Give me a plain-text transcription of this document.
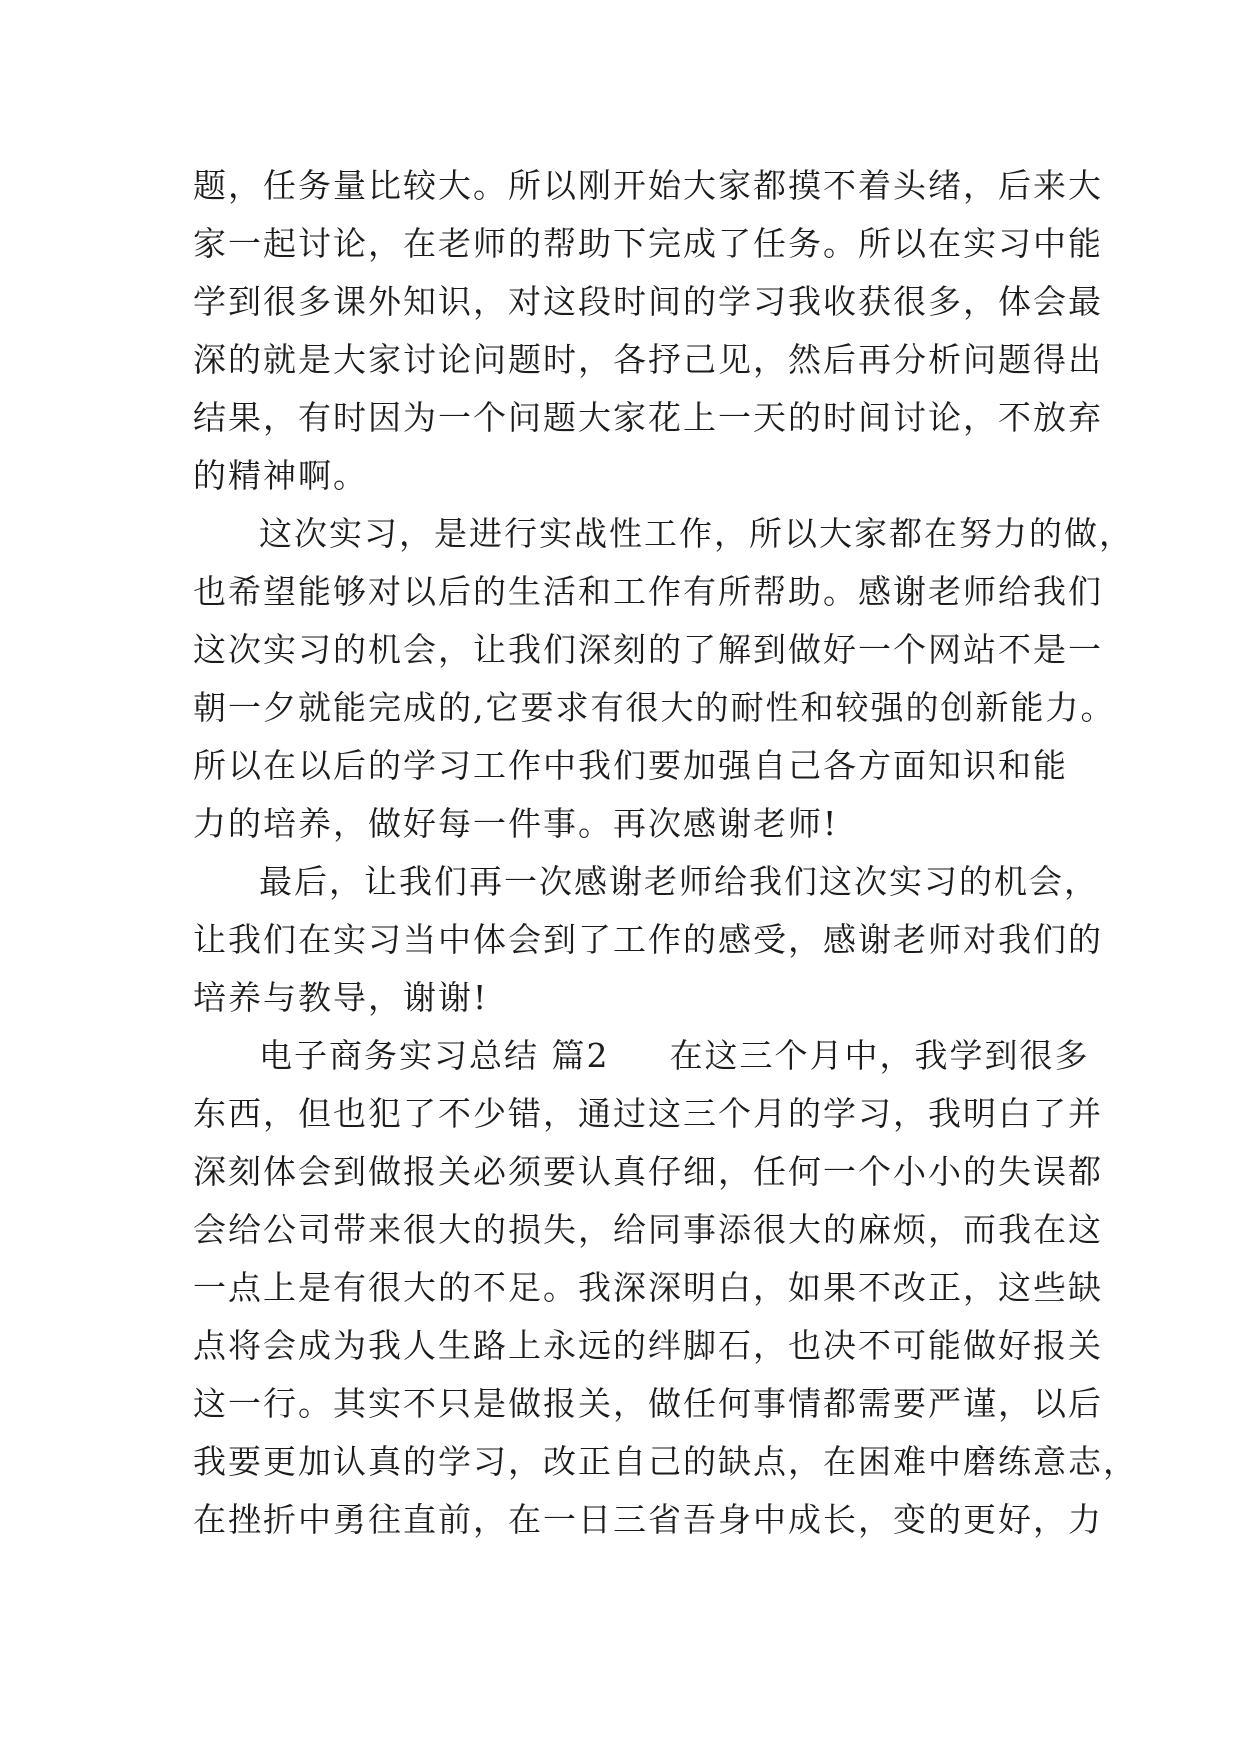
题，任务量比较大。所以刚开始大家都摸不着头绪，后来大

家一起讨论，在老师的帮助下完成了任务。所以在实习中能

学到很多课外知识，对这段时间的学习我收获很多，体会最

深的就是大家讨论问题时，各抒己见，然后再分析问题得出

结果，有时因为一个问题大家花上一天的时间讨论，不放弃

的精神啊。

这次实习，是进行实战性工作，所以大家都在努力的做，

也希望能够对以后的生活和工作有所帮助。感谢老师给我们

这次实习的机会，让我们深刻的了解到做好一个网站不是一

朝一夕就能完成的,它要求有很大的耐性和较强的创新能力。

所以在以后的学习工作中我们要加强自己各方面知识和能

力的培养，做好每一件事。再次感谢老师!

最后，让我们再一次感谢老师给我们这次实习的机会，

让我们在实习当中体会到了工作的感受，感谢老师对我们的

培养与教导，谢谢!

电子商务实习总结 篇2 在这三个月中，我学到很多

东西，但也犯了不少错，通过这三个月的学习，我明白了并

深刻体会到做报关必须要认真仔细，任何一个小小的失误都

会给公司带来很大的损失，给同事添很大的麻烦，而我在这

一点上是有很大的不足。我深深明白，如果不改正，这些缺

点将会成为我人生路上永远的绊脚石，也决不可能做好报关

这一行。其实不只是做报关，做任何事情都需要严谨，以后

我要更加认真的学习，改正自己的缺点，在困难中磨练意志，

在挫折中勇往直前，在一日三省吾身中成长，变的更好，力
